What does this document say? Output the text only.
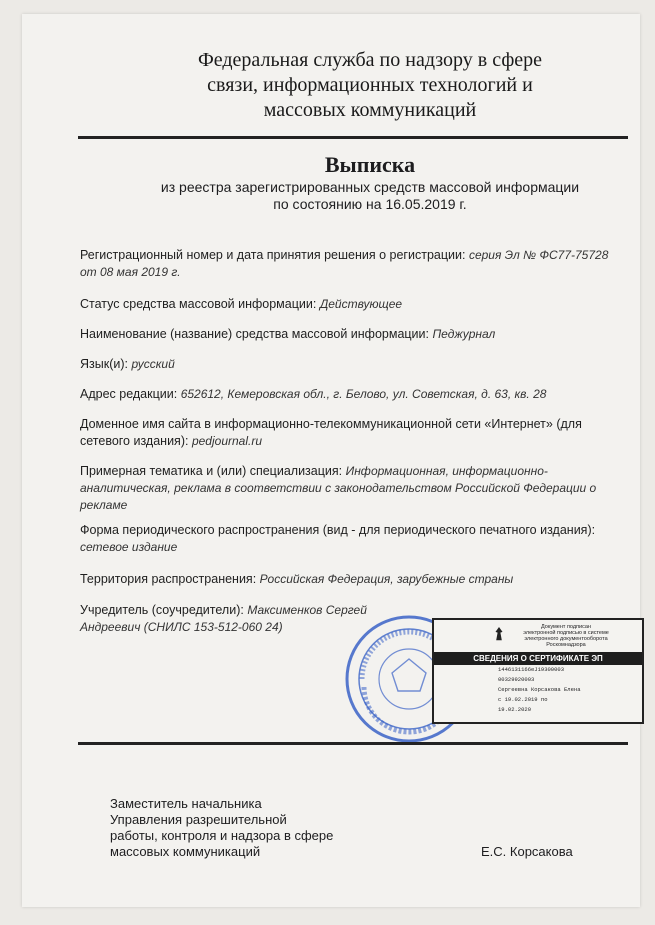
Федеральная служба по надзору в сфере
связи, информационных технологий и
массовых коммуникаций
Выписка
из реестра зарегистрированных средств массовой информации
по состоянию на 16.05.2019 г.
Регистрационный номер и дата принятия решения о регистрации: серия Эл № ФС77-75728 от 08 мая 2019 г.
Статус средства массовой информации: Действующее
Наименование (название) средства массовой информации: Педжурнал
Язык(и): русский
Адрес редакции: 652612, Кемеровская обл., г. Белово, ул. Советская, д. 63, кв. 28
Доменное имя сайта в информационно-телекоммуникационной сети «Интернет» (для сетевого издания): pedjournal.ru
Примерная тематика и (или) специализация: Информационная, информационно-аналитическая, реклама в соответствии с законодательством Российской Федерации о рекламе
Форма периодического распространения (вид - для периодического печатного издания): сетевое издание
Территория распространения: Российская Федерация, зарубежные страны
Учредитель (соучредители): Максименков Сергей Андреевич (СНИЛС 153-512-060 24)	Документ подписан
электронной подписью в системе
электронного документооборота
Роскомнадзора
СВЕДЕНИЯ О СЕРТИФИКАТЕ ЭП
1446131166eJ19300003
00329920003
Сергеевна Корсакова Елена
с 19.02.2019 по
19.02.2020
Заместитель начальника
Управления разрешительной
работы, контроля и надзора в сфере
массовых коммуникаций	Е.С. Корсакова
